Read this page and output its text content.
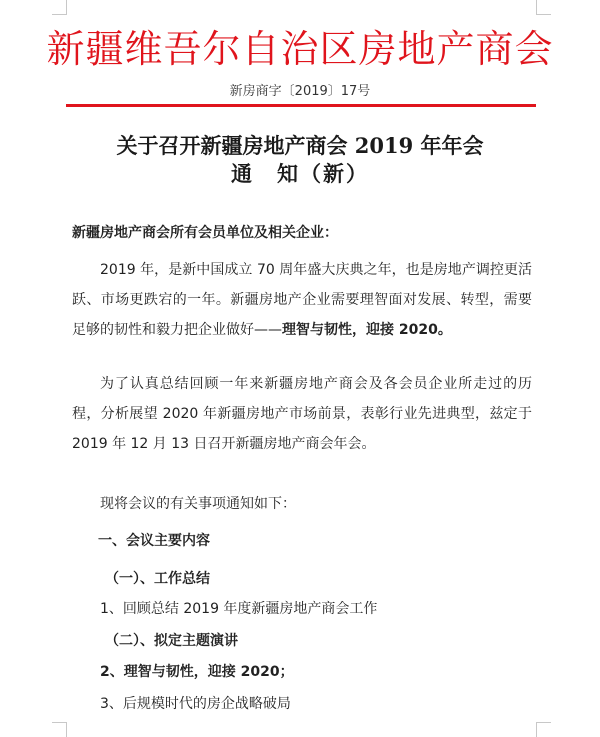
新疆维吾尔自治区房地产商会
新房商字〔2019〕17号
关于召开新疆房地产商会 2019 年年会
通　知（新）
新疆房地产商会所有会员单位及相关企业：
2019 年，是新中国成立 70 周年盛大庆典之年，也是房地产调控更活跃、市场更跌宕的一年。新疆房地产企业需要理智面对发展、转型，需要足够的韧性和毅力把企业做好——理智与韧性，迎接 2020。
为了认真总结回顾一年来新疆房地产商会及各会员企业所走过的历程，分析展望 2020 年新疆房地产市场前景，表彰行业先进典型，兹定于 2019 年 12 月 13 日召开新疆房地产商会年会。
现将会议的有关事项通知如下：
一、会议主要内容
（一）、工作总结
1、回顾总结 2019 年度新疆房地产商会工作
（二）、拟定主题演讲
2、理智与韧性，迎接 2020；
3、后规模时代的房企战略破局
